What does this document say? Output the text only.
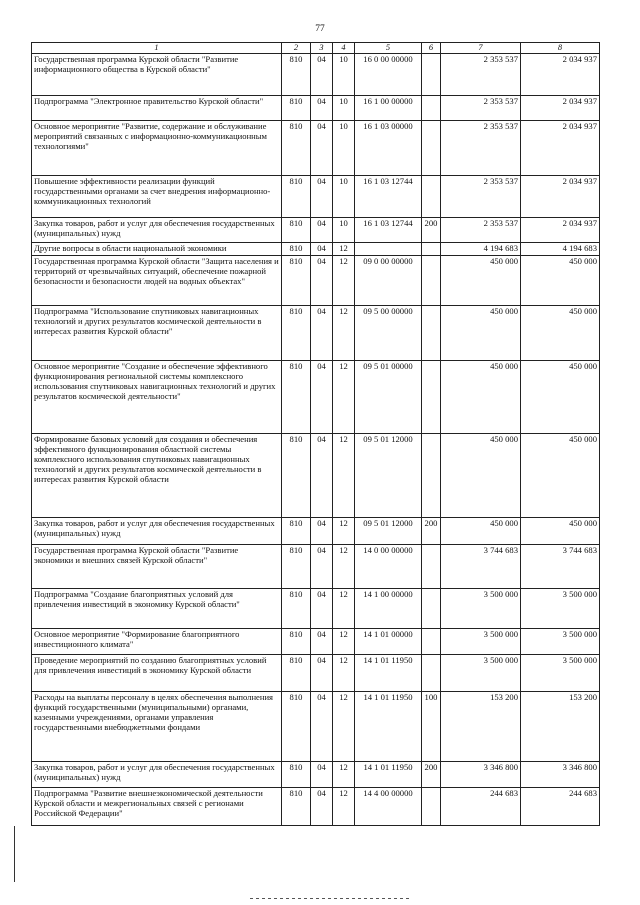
77
1	2	3	4	5	6	7	8
Государственная программа Курской области "Развитие информационного общества в Курской области"	810	04	10	16 0 00 00000		2 353 537	2 034 937
Подпрограмма "Электронное правительство Курской области"	810	04	10	16 1 00 00000		2 353 537	2 034 937
Основное мероприятие "Развитие, содержание и обслуживание мероприятий связанных с информационно-коммуникационным технологиями"	810	04	10	16 1 03 00000		2 353 537	2 034 937
Повышение эффективности реализации функций государственными органами за счет внедрения информационно-коммуникационных технологий	810	04	10	16 1 03 12744		2 353 537	2 034 937
Закупка товаров, работ и услуг для обеспечения государственных (муниципальных) нужд	810	04	10	16 1 03 12744	200	2 353 537	2 034 937
Другие вопросы в области национальной экономики	810	04	12			4 194 683	4 194 683
Государственная программа Курской области "Защита населения и территорий от чрезвычайных ситуаций, обеспечение пожарной безопасности и безопасности людей на водных объектах"	810	04	12	09 0 00 00000		450 000	450 000
Подпрограмма "Использование спутниковых навигационных технологий и других результатов космической деятельности в интересах развития Курской области"	810	04	12	09 5 00 00000		450 000	450 000
Основное мероприятие "Создание и обеспечение эффективного функционирования региональной системы комплексного использования спутниковых навигационных технологий и других результатов космической деятельности"	810	04	12	09 5 01 00000		450 000	450 000
Формирование базовых условий для создания и обеспечения эффективного функционирования областной системы комплексного использования спутниковых навигационных технологий и других результатов космической деятельности в интересах развития Курской области	810	04	12	09 5 01 12000		450 000	450 000
Закупка товаров, работ и услуг для обеспечения государственных (муниципальных) нужд	810	04	12	09 5 01 12000	200	450 000	450 000
Государственная программа Курской области "Развитие экономики и внешних связей Курской области"	810	04	12	14 0 00 00000		3 744 683	3 744 683
Подпрограмма "Создание благоприятных условий для привлечения инвестиций в экономику Курской области"	810	04	12	14 1 00 00000		3 500 000	3 500 000
Основное мероприятие "Формирование благоприятного инвестиционного климата"	810	04	12	14 1 01 00000		3 500 000	3 500 000
Проведение мероприятий по созданию благоприятных условий для привлечения инвестиций в экономику Курской области	810	04	12	14 1 01 11950		3 500 000	3 500 000
Расходы на выплаты персоналу в целях обеспечения выполнения функций государственными (муниципальными) органами, казенными учреждениями, органами управления государственными внебюджетными фондами	810	04	12	14 1 01 11950	100	153 200	153 200
Закупка товаров, работ и услуг для обеспечения государственных (муниципальных) нужд	810	04	12	14 1 01 11950	200	3 346 800	3 346 800
Подпрограмма "Развитие внешнеэкономической деятельности Курской области и межрегиональных связей с регионами Российской Федерации"	810	04	12	14 4 00 00000		244 683	244 683
